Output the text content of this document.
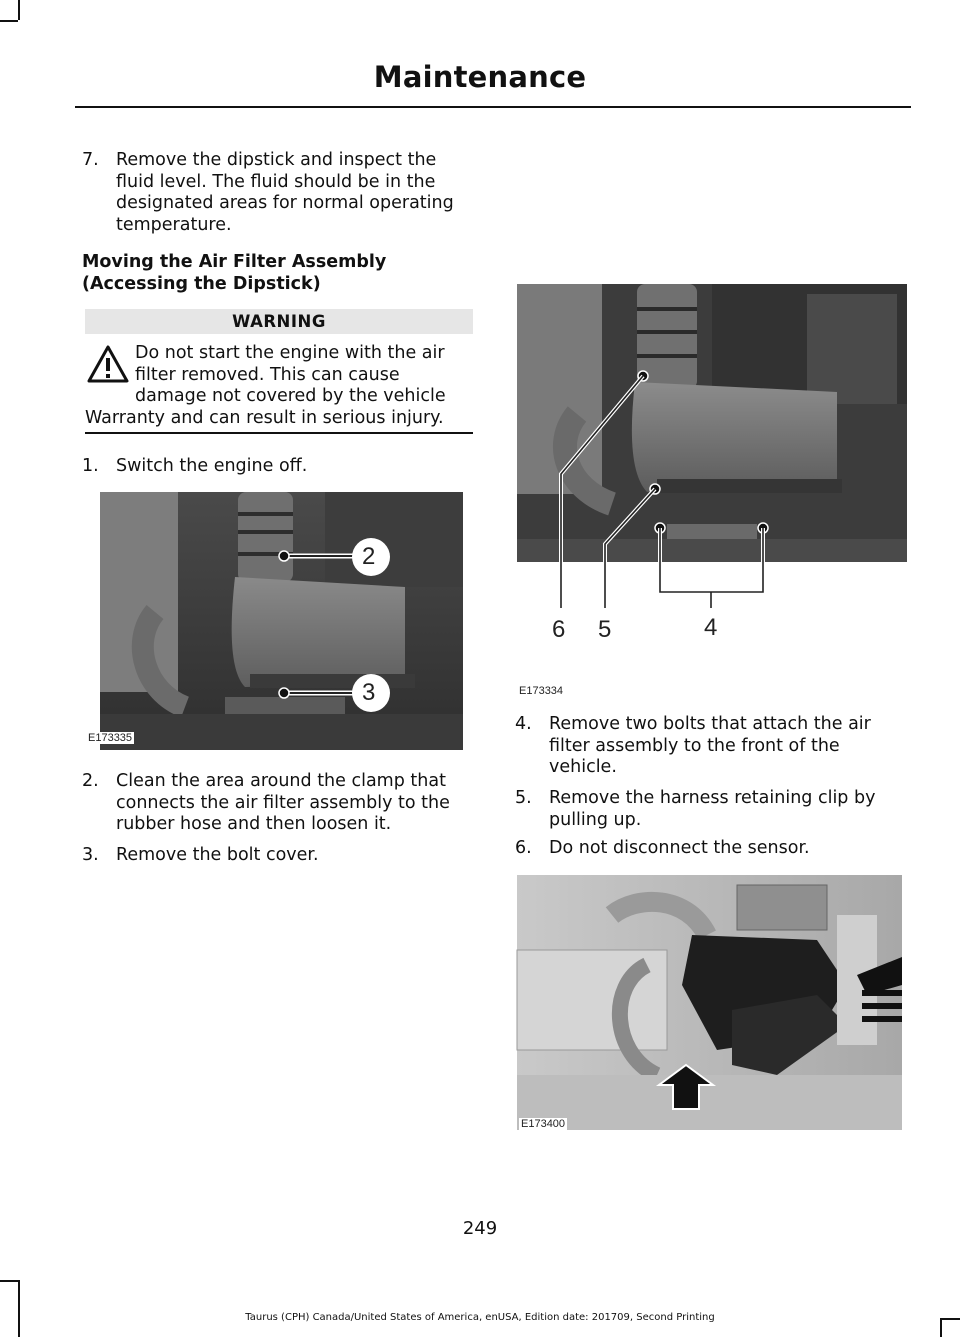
Maintenance
7. Remove the dipstick and inspect the
fluid level. The fluid should be in the
designated areas for normal operating
temperature.
Moving the Air Filter Assembly
(Accessing the Dipstick)
WARNING
Do not start the engine with the air
filter removed. This can cause
damage not covered by the vehicle
Warranty and can result in serious injury.
1. Switch the engine off.
2
3
E173335
2. Clean the area around the clamp that
connects the air filter assembly to the
rubber hose and then loosen it.
3. Remove the bolt cover.
6 5	4
E173334
4. Remove two bolts that attach the air
filter assembly to the front of the
vehicle.
5. Remove the harness retaining clip by
pulling up.
6. Do not disconnect the sensor.
E173400
249
Taurus (CPH) Canada/United States of America, enUSA, Edition date: 201709, Second Printing
